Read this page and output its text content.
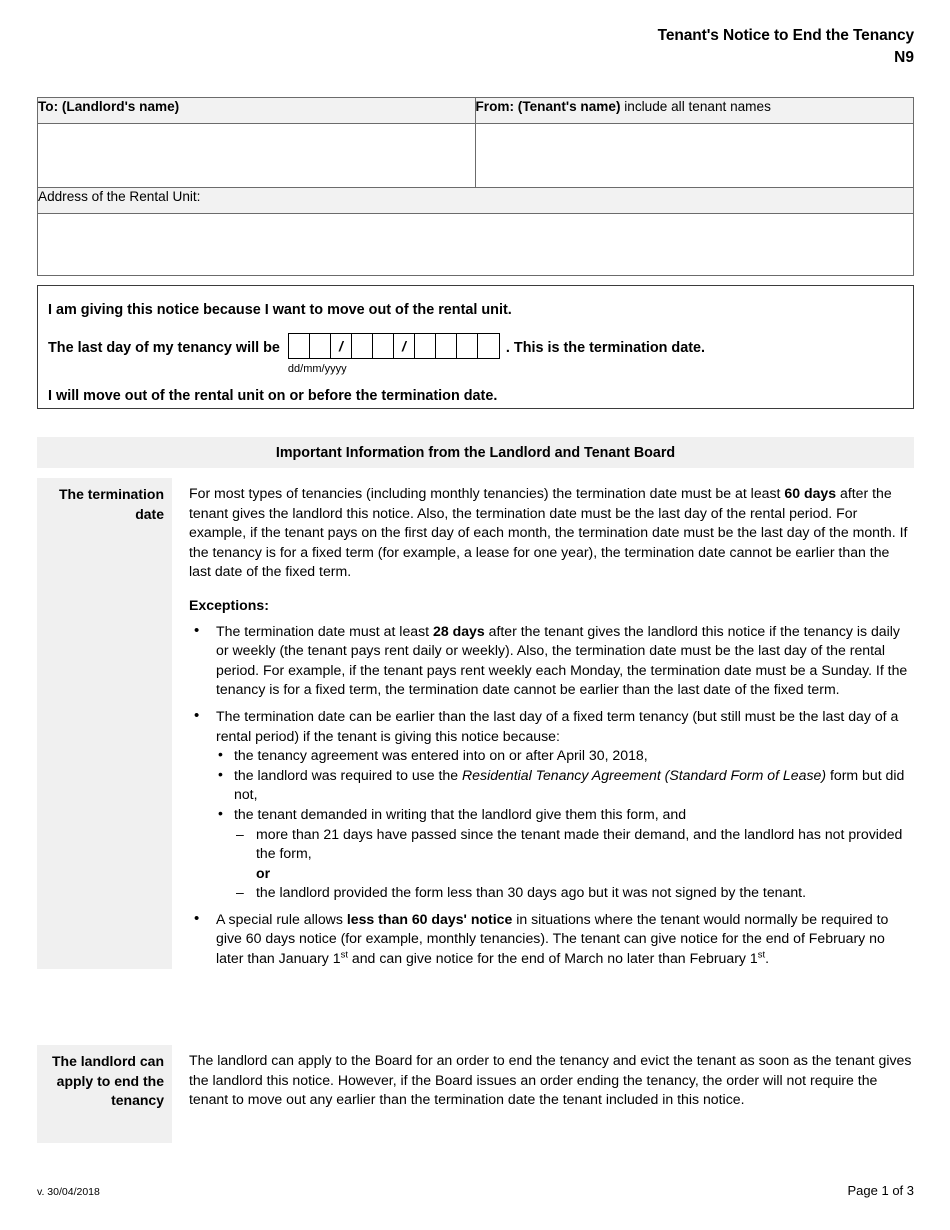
Tenant's Notice to End the Tenancy
N9
To: (Landlord's name)	From: (Tenant's name) include all tenant names

Address of the Rental Unit:	

I am giving this notice because I want to move out of the rental unit.
The last day of my tenancy will be	/	/
dd/mm/yyyy
. This is the termination date.
I will move out of the rental unit on or before the termination date.
Important Information from the Landlord and Tenant Board
The termination date

For most types of tenancies (including monthly tenancies) the termination date must be at least 60 days after the tenant gives the landlord this notice. Also, the termination date must be the last day of the rental period. For example, if the tenant pays on the first day of each month, the termination date must be the last day of the month. If the tenancy is for a fixed term (for example, a lease for one year), the termination date cannot be earlier than the last date of the fixed term.

Exceptions:
• The termination date must at least 28 days after the tenant gives the landlord this notice if the tenancy is daily or weekly (the tenant pays rent daily or weekly). Also, the termination date must be the last day of the rental period. For example, if the tenant pays rent weekly each Monday, the termination date must be a Sunday. If the tenancy is for a fixed term, the termination date cannot be earlier than the last date of the fixed term.
• The termination date can be earlier than the last day of a fixed term tenancy (but still must be the last day of a rental period) if the tenant is giving this notice because:
• the tenancy agreement was entered into on or after April 30, 2018,
• the landlord was required to use the Residential Tenancy Agreement (Standard Form of Lease) form but did not,
• the tenant demanded in writing that the landlord give them this form, and
– more than 21 days have passed since the tenant made their demand, and the landlord has not provided the form,
or
– the landlord provided the form less than 30 days ago but it was not signed by the tenant.
• A special rule allows less than 60 days' notice in situations where the tenant would normally be required to give 60 days notice (for example, monthly tenancies). The tenant can give notice for the end of February no later than January 1st and can give notice for the end of March no later than February 1st.
The landlord can apply to end the tenancy

The landlord can apply to the Board for an order to end the tenancy and evict the tenant as soon as the tenant gives the landlord this notice. However, if the Board issues an order ending the tenancy, the order will not require the tenant to move out any earlier than the termination date the tenant included in this notice.

v. 30/04/2018	Page 1 of 3
